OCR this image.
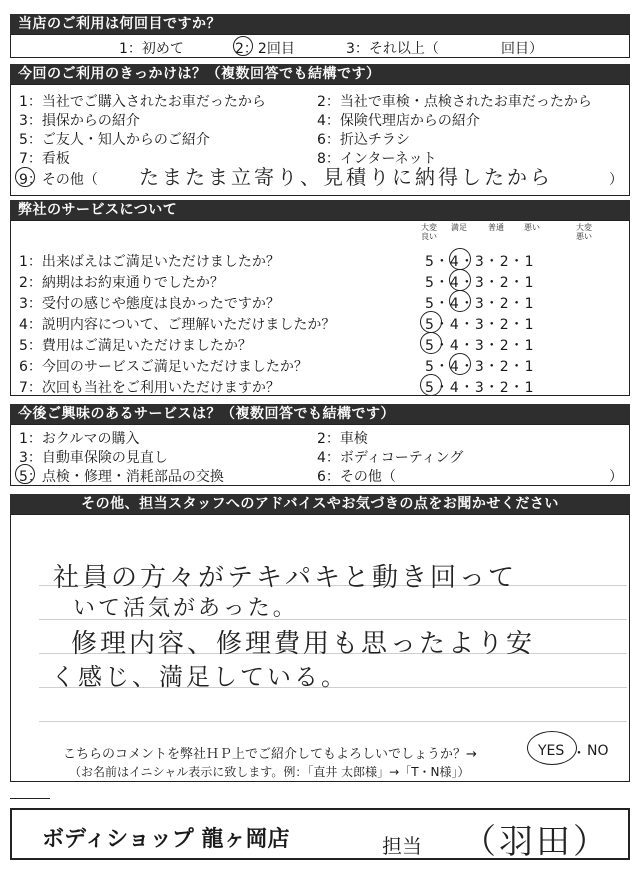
当店のご利用は何回目ですか？
1：初めて	2：2回目	3：それ以上（	回目）
今回のご利用のきっかけは？（複数回答でも結構です）
1：当社でご購入されたお車だったから	2：当社で車検・点検されたお車だったから
3：損保からの紹介	4：保険代理店からの紹介
5：ご友人・知人からのご紹介	6：折込チラシ
7：看板	8：インターネット
9：その他（ たまたま立寄り、見積りに納得したから	）
弊社のサービスについて
大変良い
満足	普通	悪い	大変悪い
1：出来ばえはご満足いただけましたか？	5・4・3・2・1
2：納期はお約束通りでしたか？	5・4・3・2・1
3：受付の感じや態度は良かったですか？	5・4・3・2・1
4：説明内容について、ご理解いただけましたか？	5・4・3・2・1
5：費用はご満足いただけましたか？	5・4・3・2・1
6：今回のサービスご満足いただけましたか？	5・4・3・2・1
7：次回も当社をご利用いただけますか？	5・4・3・2・1
今後ご興味のあるサービスは？（複数回答でも結構です）
1：おクルマの購入	2：車検
3：自動車保険の見直し	4：ボディコーティング
5：点検・修理・消耗部品の交換	6：その他（	）
その他、担当スタッフへのアドバイスやお気づきの点をお聞かせください
社員の方々がテキパキと動き回って
いて活気があった。
修理内容、修理費用も思ったより安
く感じ、満足している。
こちらのコメントを弊社ＨＰ上でご紹介してもよろしいでしょうか？→	YES ・ NO
（お名前はイニシャル表示に致します。例：「直井 太郎様」→「T・N様」）
ボディショップ 龍ヶ岡店	担当 （羽田）
